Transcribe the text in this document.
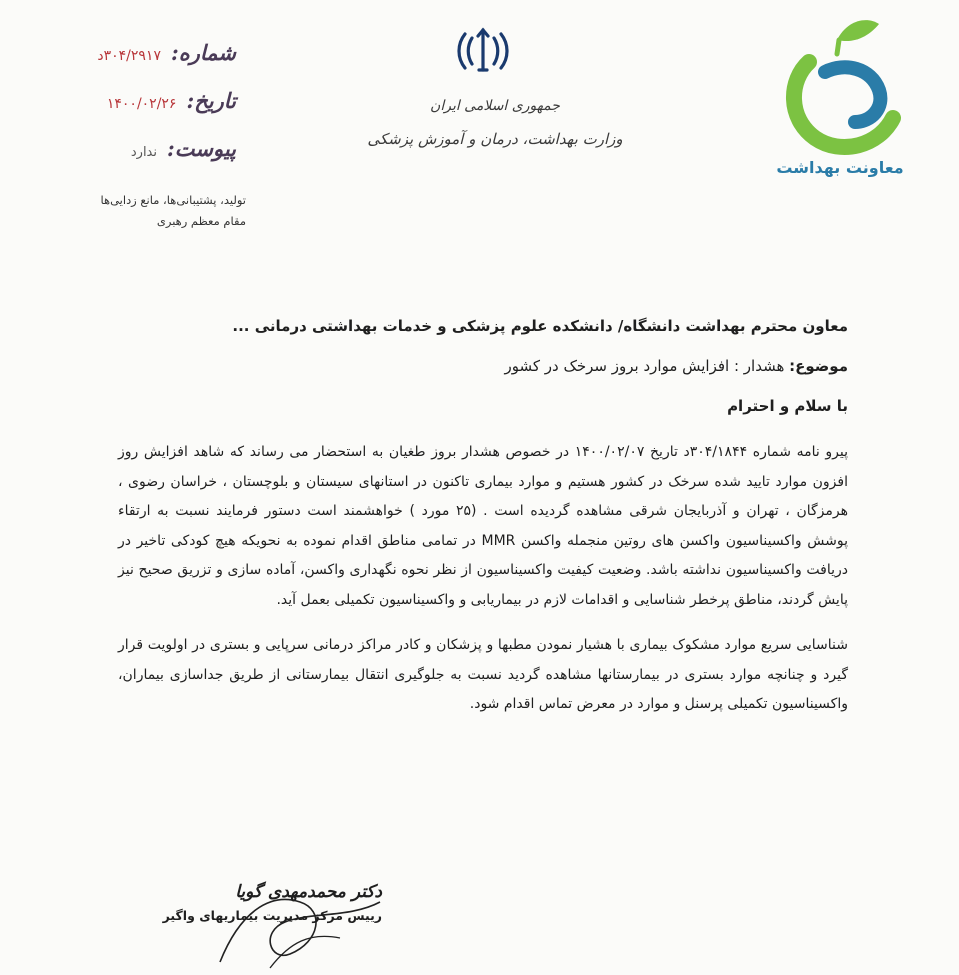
شماره:
۳۰۴/۲۹۱۷د
تاریخ:
۱۴۰۰/۰۲/۲۶
پیوست:
ندارد
تولید، پشتیبانی‌ها، مانع زدایی‌ها
مقام معظم رهبری
جمهوری اسلامی ایران
وزارت بهداشت، درمان و آموزش پزشکی
معاونت بهداشت
معاون محترم بهداشت دانشگاه/ دانشکده علوم پزشکی و خدمات بهداشتی درمانی ...
موضوع: هشدار : افزایش موارد بروز سرخک در کشور
با سلام و احترام

پیرو نامه شماره ۳۰۴/۱۸۴۴د تاریخ ۱۴۰۰/۰۲/۰۷ در خصوص هشدار بروز طغیان به استحضار می رساند که شاهد افزایش روز افزون موارد تایید شده سرخک در کشور هستیم و موارد بیماری تاکنون در استانهای سیستان و بلوچستان ، خراسان رضوی ، هرمزگان ، تهران و آذربایجان شرقی مشاهده گردیده است . (۲۵ مورد ) خواهشمند است دستور فرمایند نسبت به ارتقاء پوشش واکسیناسیون واکسن های روتین منجمله واکسن MMR در تمامی مناطق اقدام نموده به نحویکه هیچ کودکی تاخیر در دریافت واکسیناسیون نداشته باشد. وضعیت کیفیت واکسیناسیون از نظر نحوه نگهداری واکسن، آماده سازی و تزریق صحیح نیز پایش گردند، مناطق پرخطر شناسایی و اقدامات لازم در بیماریابی و واکسیناسیون تکمیلی بعمل آید.

شناسایی سریع موارد مشکوک بیماری با هشیار نمودن مطبها و پزشکان و کادر مراکز درمانی سرپایی و بستری در اولویت قرار گیرد و چنانچه موارد بستری در بیمارستانها مشاهده گردید نسبت به جلوگیری انتقال بیمارستانی از طریق جداسازی بیماران، واکسیناسیون تکمیلی پرسنل و موارد در معرض تماس اقدام شود.

دکتر محمدمهدی گویا
رییس مرکز مدیریت بیماریهای واگیر
